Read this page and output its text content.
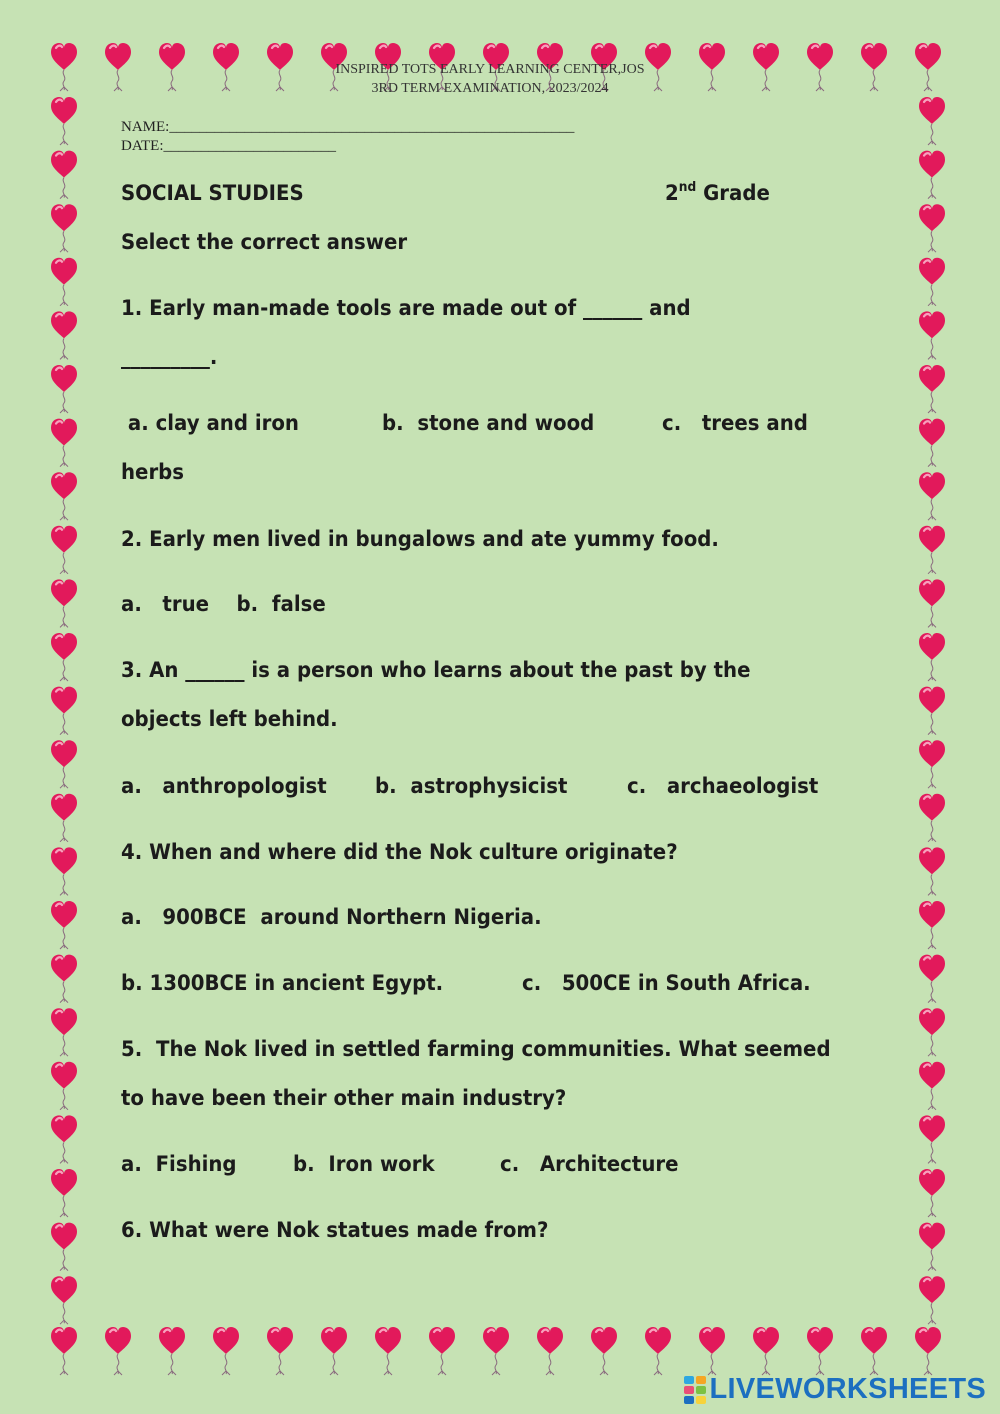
INSPIRED TOTS EARLY LEARNING CENTER,JOS
3RD TERM EXAMINATION, 2023/2024
NAME:______________________________________________________
DATE:_______________________
SOCIAL STUDIES	2nd Grade
Select the correct answer
1. Early man-made tools are made out of ______ and
_________.
a. clay and iron	b.  stone and wood	c.   trees and
herbs
2. Early men lived in bungalows and ate yummy food.
a.   true    b.  false
3. An ______ is a person who learns about the past by the
objects left behind.
a.   anthropologist b.  astrophysicist	c.   archaeologist
4. When and where did the Nok culture originate?
a.   900BCE  around Northern Nigeria.
b. 1300BCE in ancient Egypt.	c.   500CE in South Africa.
5.  The Nok lived in settled farming communities. What seemed
to have been their other main industry?
a.  Fishing	b.  Iron work	c.   Architecture
6. What were Nok statues made from?
LIVEWORKSHEETS
